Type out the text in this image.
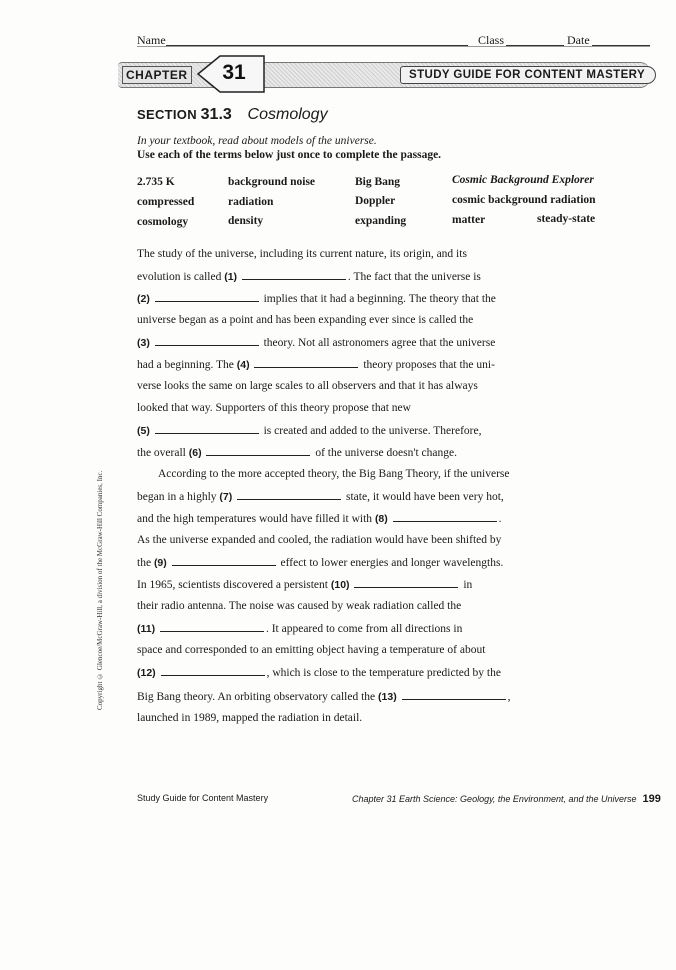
Name	Class	Date
CHAPTER	31	STUDY GUIDE FOR CONTENT MASTERY
SECTION 31.3 Cosmology
In your textbook, read about models of the universe.
Use each of the terms below just once to complete the passage.
2.735 K	background noise	Big Bang	Cosmic Background Explorer
compressed	radiation	Doppler	cosmic background radiation
cosmology	density	expanding	matter	steady-state
The study of the universe, including its current nature, its origin, and its
evolution is called (1)	. The fact that the universe is
(2)	implies that it had a beginning. The theory that the
universe began as a point and has been expanding ever since is called the
(3)	theory. Not all astronomers agree that the universe
had a beginning. The (4)	theory proposes that the uni-
verse looks the same on large scales to all observers and that it has always
looked that way. Supporters of this theory propose that new
(5)	is created and added to the universe. Therefore,
the overall (6)	of the universe doesn't change.
According to the more accepted theory, the Big Bang Theory, if the universe
began in a highly (7)	state, it would have been very hot,
and the high temperatures would have filled it with (8)	.
As the universe expanded and cooled, the radiation would have been shifted by
the (9)	effect to lower energies and longer wavelengths.
In 1965, scientists discovered a persistent (10)	in
their radio antenna. The noise was caused by weak radiation called the
(11)	. It appeared to come from all directions in
space and corresponded to an emitting object having a temperature of about
(12)	, which is close to the temperature predicted by the
Big Bang theory. An orbiting observatory called the (13)	,
launched in 1989, mapped the radiation in detail.
Copyright © Glencoe/McGraw-Hill, a division of the McGraw-Hill Companies, Inc.
Study Guide for Content Mastery	Chapter 31 Earth Science: Geology, the Environment, and the Universe 199
